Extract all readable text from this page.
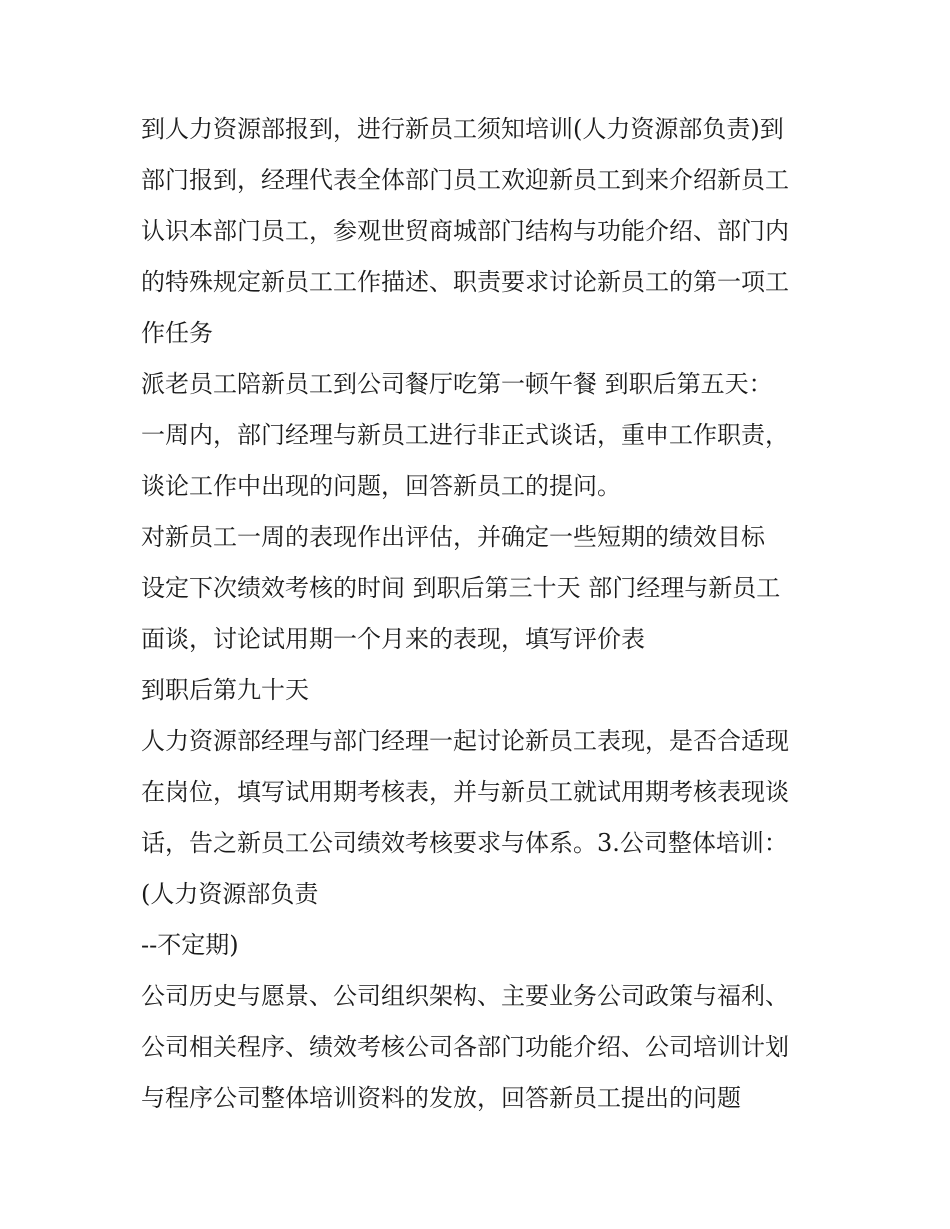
到人力资源部报到，进行新员工须知培训(人力资源部负责)到
部门报到，经理代表全体部门员工欢迎新员工到来介绍新员工
认识本部门员工，参观世贸商城部门结构与功能介绍、部门内
的特殊规定新员工工作描述、职责要求讨论新员工的第一项工
作任务
派老员工陪新员工到公司餐厅吃第一顿午餐 到职后第五天：
一周内，部门经理与新员工进行非正式谈话，重申工作职责，
谈论工作中出现的问题，回答新员工的提问。
对新员工一周的表现作出评估，并确定一些短期的绩效目标
设定下次绩效考核的时间 到职后第三十天 部门经理与新员工
面谈，讨论试用期一个月来的表现，填写评价表
到职后第九十天
人力资源部经理与部门经理一起讨论新员工表现，是否合适现
在岗位，填写试用期考核表，并与新员工就试用期考核表现谈
话，告之新员工公司绩效考核要求与体系。3.公司整体培训：
(人力资源部负责
--不定期)
公司历史与愿景、公司组织架构、主要业务公司政策与福利、
公司相关程序、绩效考核公司各部门功能介绍、公司培训计划
与程序公司整体培训资料的发放，回答新员工提出的问题
